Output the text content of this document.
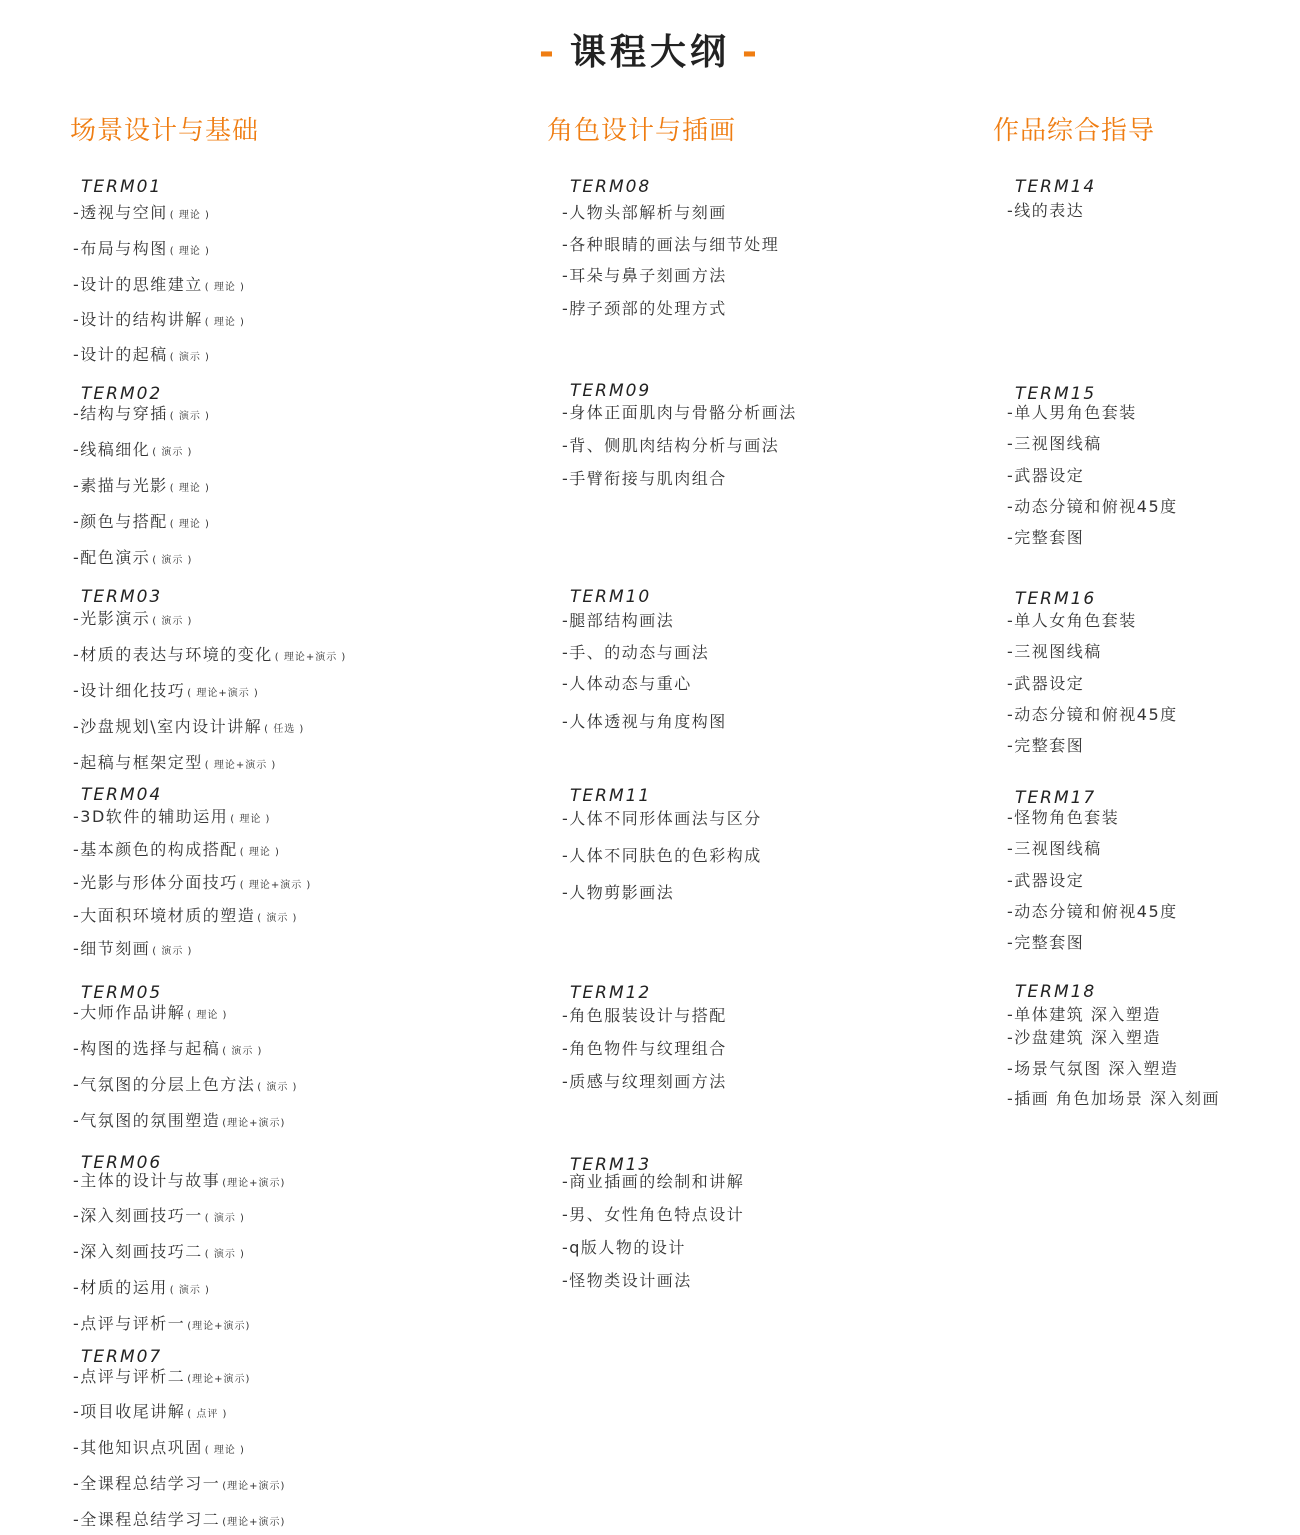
- 课程大纲 -
场景设计与基础
TERM01
-透视与空间 ( 理论 )
-布局与构图 ( 理论 )
-设计的思维建立 ( 理论 )
-设计的结构讲解 ( 理论 )
-设计的起稿 ( 演示 )
TERM02
-结构与穿插 ( 演示 )
-线稿细化 ( 演示 )
-素描与光影 ( 理论 )
-颜色与搭配 ( 理论 )
-配色演示 ( 演示 )
TERM03
-光影演示 ( 演示 )
-材质的表达与环境的变化 ( 理论+演示 )
-设计细化技巧 ( 理论+演示 )
-沙盘规划\室内设计讲解 ( 任选 )
-起稿与框架定型 ( 理论+演示 )
TERM04
-3D软件的辅助运用 ( 理论 )
-基本颜色的构成搭配 ( 理论 )
-光影与形体分面技巧 ( 理论+演示 )
-大面积环境材质的塑造 ( 演示 )
-细节刻画 ( 演示 )
TERM05
-大师作品讲解 ( 理论 )
-构图的选择与起稿 ( 演示 )
-气氛图的分层上色方法 ( 演示 )
-气氛图的氛围塑造 (理论+演示)
TERM06
-主体的设计与故事 (理论+演示)
-深入刻画技巧一 ( 演示 )
-深入刻画技巧二 ( 演示 )
-材质的运用 ( 演示 )
-点评与评析一 (理论+演示)
TERM07
-点评与评析二 (理论+演示)
-项目收尾讲解 ( 点评 )
-其他知识点巩固 ( 理论 )
-全课程总结学习一 (理论+演示)
-全课程总结学习二 (理论+演示)
角色设计与插画
TERM08
-人物头部解析与刻画
-各种眼睛的画法与细节处理
-耳朵与鼻子刻画方法
-脖子颈部的处理方式
TERM09
-身体正面肌肉与骨骼分析画法
-背、侧肌肉结构分析与画法
-手臂衔接与肌肉组合
TERM10
-腿部结构画法
-手、的动态与画法
-人体动态与重心
-人体透视与角度构图
TERM11
-人体不同形体画法与区分
-人体不同肤色的色彩构成
-人物剪影画法
TERM12
-角色服装设计与搭配
-角色物件与纹理组合
-质感与纹理刻画方法
TERM13
-商业插画的绘制和讲解
-男、女性角色特点设计
-q版人物的设计
-怪物类设计画法
作品综合指导
TERM14
-线的表达
TERM15
-单人男角色套装
-三视图线稿
-武器设定
-动态分镜和俯视45度
-完整套图
TERM16
-单人女角色套装
-三视图线稿
-武器设定
-动态分镜和俯视45度
-完整套图
TERM17
-怪物角色套装
-三视图线稿
-武器设定
-动态分镜和俯视45度
-完整套图
TERM18
-单体建筑 深入塑造
-沙盘建筑 深入塑造
-场景气氛图 深入塑造
-插画 角色加场景 深入刻画
